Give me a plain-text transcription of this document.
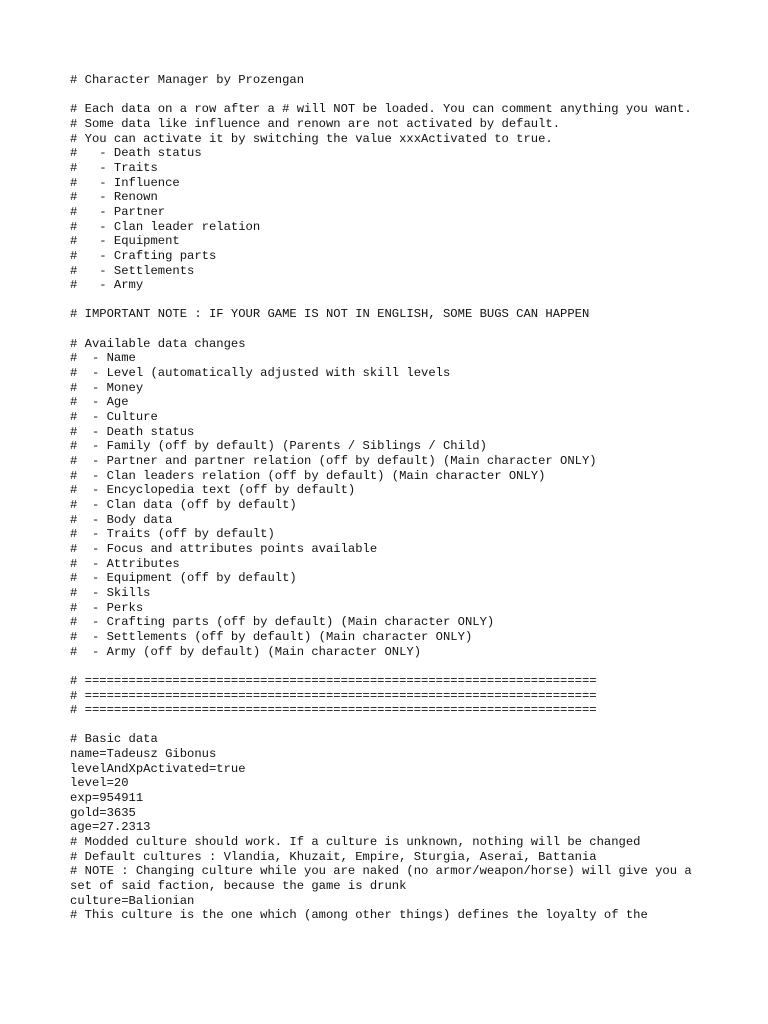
# Character Manager by Prozengan
# Each data on a row after a # will NOT be loaded. You can comment anything you want.
# Some data like influence and renown are not activated by default.
# You can activate it by switching the value xxxActivated to true.
#   - Death status
#   - Traits
#   - Influence
#   - Renown
#   - Partner
#   - Clan leader relation
#   - Equipment
#   - Crafting parts
#   - Settlements
#   - Army
# IMPORTANT NOTE : IF YOUR GAME IS NOT IN ENGLISH, SOME BUGS CAN HAPPEN
# Available data changes
#  - Name
#  - Level (automatically adjusted with skill levels
#  - Money
#  - Age
#  - Culture
#  - Death status
#  - Family (off by default) (Parents / Siblings / Child)
#  - Partner and partner relation (off by default) (Main character ONLY)
#  - Clan leaders relation (off by default) (Main character ONLY)
#  - Encyclopedia text (off by default)
#  - Clan data (off by default)
#  - Body data
#  - Traits (off by default)
#  - Focus and attributes points available
#  - Attributes
#  - Equipment (off by default)
#  - Skills
#  - Perks
#  - Crafting parts (off by default) (Main character ONLY)
#  - Settlements (off by default) (Main character ONLY)
#  - Army (off by default) (Main character ONLY)
# ======================================================================
# ======================================================================
# ======================================================================
# Basic data
name=Tadeusz Gibonus
levelAndXpActivated=true
level=20
exp=954911
gold=3635
age=27.2313
# Modded culture should work. If a culture is unknown, nothing will be changed
# Default cultures : Vlandia, Khuzait, Empire, Sturgia, Aserai, Battania
# NOTE : Changing culture while you are naked (no armor/weapon/horse) will give you a set of said faction, because the game is drunk
culture=Balionian
# This culture is the one which (among other things) defines the loyalty of the
